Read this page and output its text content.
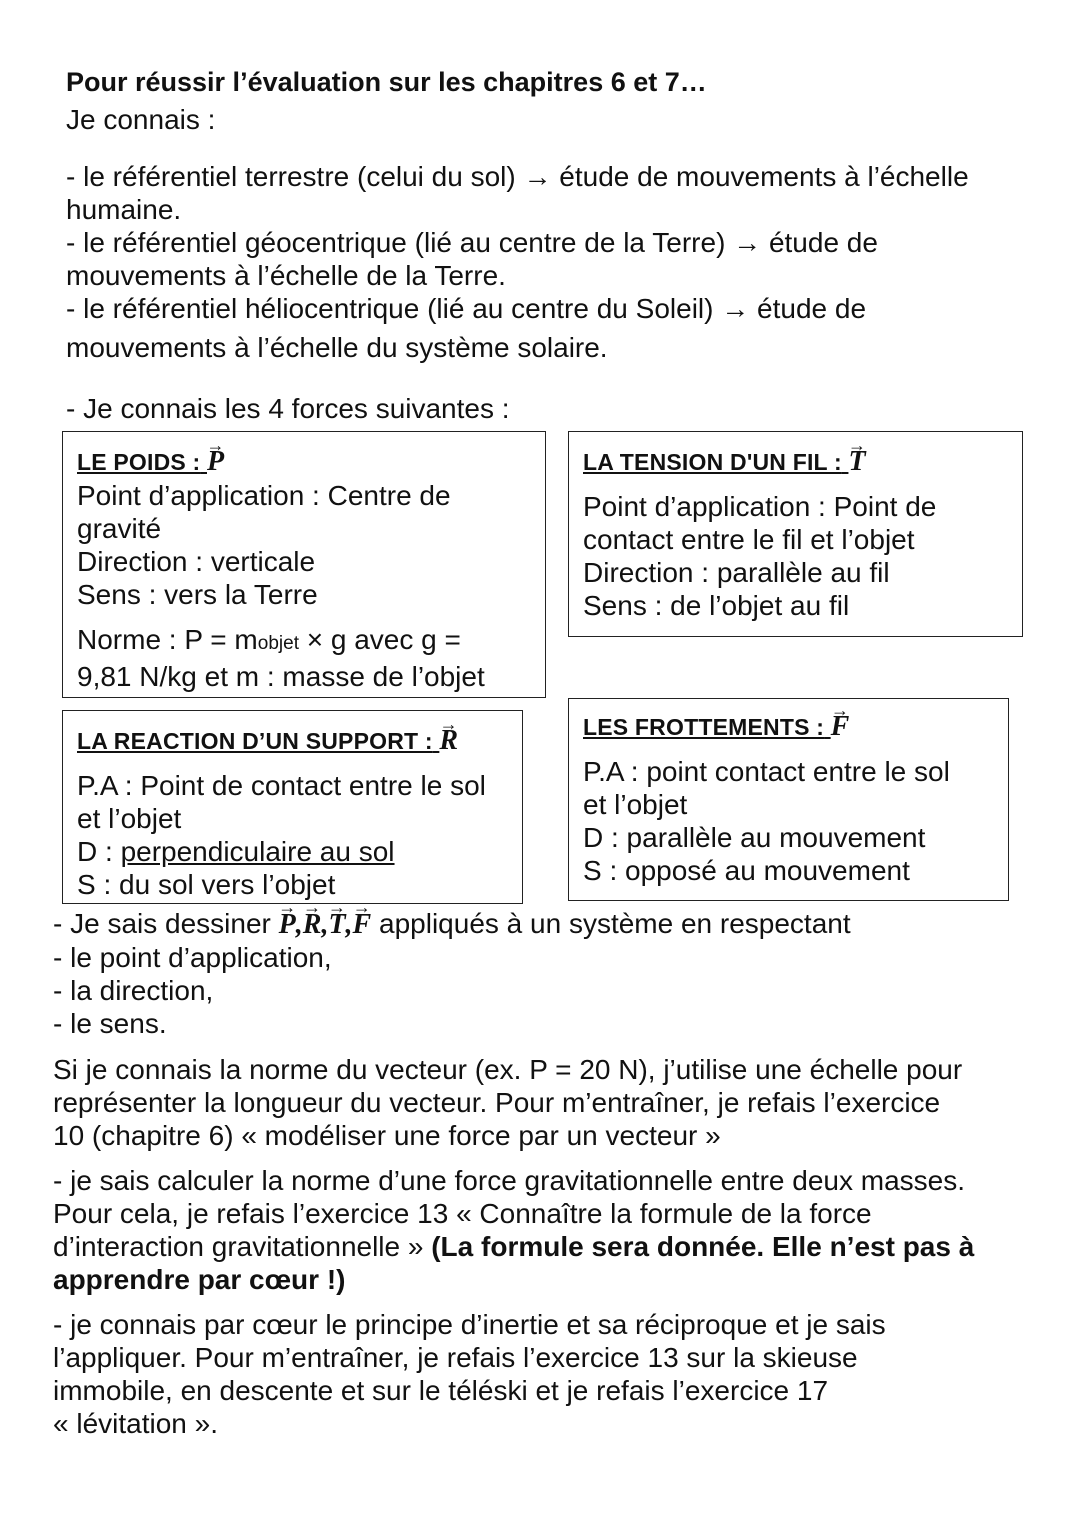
Pour réussir l’évaluation sur les chapitres 6 et 7…

Je connais :

- le référentiel terrestre (celui du sol) → étude de mouvements à l’échelle

humaine.

- le référentiel géocentrique (lié au centre de la Terre) → étude de

mouvements à l’échelle de la Terre.

- le référentiel héliocentrique (lié au centre du Soleil) → étude de

mouvements à l’échelle du système solaire.

- Je connais les 4 forces suivantes :

LE POIDS : → P

Point d’application : Centre de

gravité

Direction : verticale

Sens : vers la Terre

Norme : P = mobjet × g avec g =

9,81 N/kg et m : masse de l’objet

LA TENSION D'UN FIL : → T

Point d’application : Point de

contact entre le fil et l’objet

Direction : parallèle au fil

Sens : de l’objet au fil

LA REACTION D’UN SUPPORT : → R

P.A : Point de contact entre le sol

et l’objet

D : perpendiculaire au sol

S : du sol vers l’objet

LES FROTTEMENTS : → F

P.A : point contact entre le sol

et l’objet

D : parallèle au mouvement

S : opposé au mouvement

- Je sais dessiner → P,→ R,→ T,→ F appliqués à un système en respectant

- le point d’application,

- la direction,

- le sens.

Si je connais la norme du vecteur (ex. P = 20 N), j’utilise une échelle pour

représenter la longueur du vecteur. Pour m’entraîner, je refais l’exercice

10 (chapitre 6) « modéliser une force par un vecteur »

- je sais calculer la norme d’une force gravitationnelle entre deux masses.

Pour cela, je refais l’exercice 13 « Connaître la formule de la force

d’interaction gravitationnelle » (La formule sera donnée. Elle n’est pas à

apprendre par cœur !)

- je connais par cœur le principe d’inertie et sa réciproque et je sais

l’appliquer. Pour m’entraîner, je refais l’exercice 13 sur la skieuse

immobile, en descente et sur le téléski et je refais l’exercice 17

« lévitation ».
